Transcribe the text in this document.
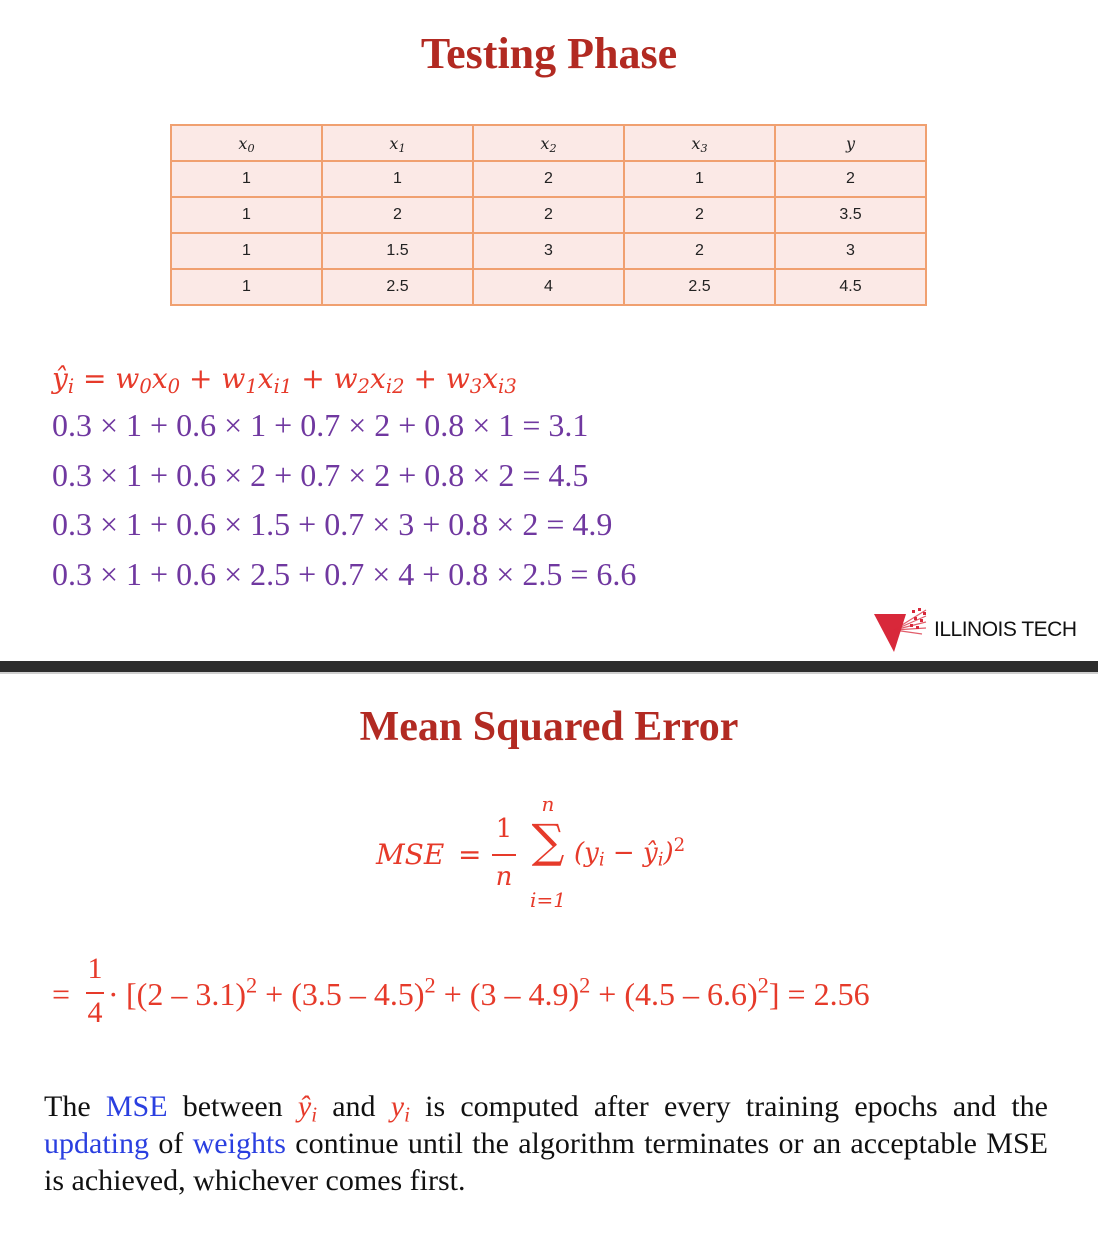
Testing Phase
$x_0$	$x_1$	$x_2$	$x_3$	y
1	1	2	1	2
1	2	2	2	3.5
1	1.5	3	2	3
1	2.5	4	2.5	4.5
$ŷ_i = w_0x_0 + w_1x_{i1} + w_2x_{i2} + w_3x_{i3}$
0.3 × 1 + 0.6 × 1 + 0.7 × 2 + 0.8 × 1 = 3.1
0.3 × 1 + 0.6 × 2 + 0.7 × 2 + 0.8 × 2 = 4.5
0.3 × 1 + 0.6 × 1.5 + 0.7 × 3 + 0.8 × 2 = 4.9
0.3 × 1 + 0.6 × 2.5 + 0.7 × 4 + 0.8 × 2.5 = 6.6
ILLINOIS TECH
Mean Squared Error
MSE =
1
n
n
∑
i=1
($y_i$ − $ŷ_i)^2$
=
1
4
· [(2 – 3.1)$^2$ + (3.5 – 4.5)$^2$ + (3 – 4.9)$^2$ + (4.5 – 6.6)$^2$] = 2.56
The MSE between $ŷ_i$ and $y_i$ is computed after every training epochs and the updating of weights continue until the algorithm terminates or an acceptable MSE is achieved, whichever comes first.
